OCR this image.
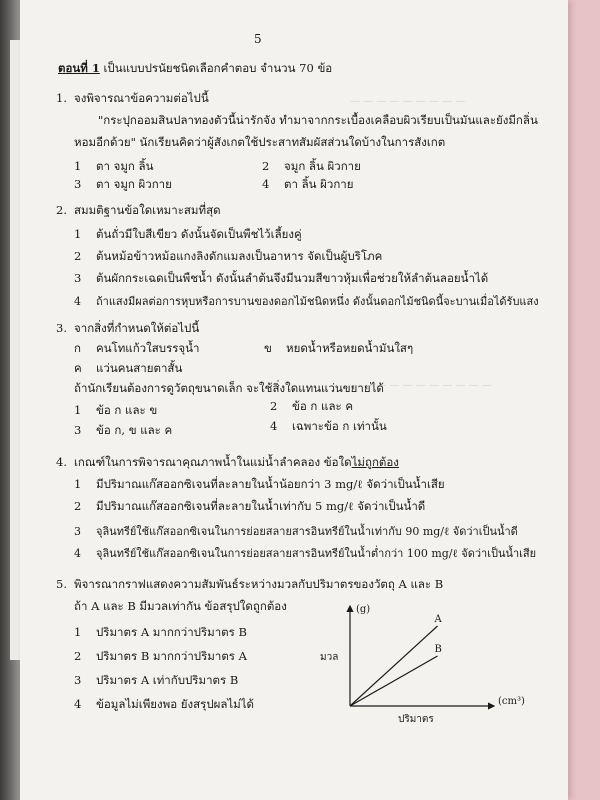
— — — — — — — — —
— — — — — — — — — — —
5
ตอนที่ 1 เป็นแบบปรนัยชนิดเลือกคำตอบ จำนวน 70 ข้อ
1. จงพิจารณาข้อความต่อไปนี้
"กระปุกออมสินปลาทองตัวนี้น่ารักจัง ทำมาจากกระเบื้องเคลือบผิวเรียบเป็นมันและยังมีกลิ่น
หอมอีกด้วย" นักเรียนคิดว่าผู้สังเกตใช้ประสาทสัมผัสส่วนใดบ้างในการสังเกต
1 ตา จมูก ลิ้น	2 จมูก ลิ้น ผิวกาย
3 ตา จมูก ผิวกาย	4 ตา ลิ้น ผิวกาย
2. สมมติฐานข้อใดเหมาะสมที่สุด
1 ต้นถั่วมีใบสีเขียว ดังนั้นจัดเป็นพืชไว้เลี้ยงคู่
2 ต้นหม้อข้าวหม้อแกงลิงดักแมลงเป็นอาหาร จัดเป็นผู้บริโภค
3 ต้นผักกระเฉดเป็นพืชน้ำ ดังนั้นลำต้นจึงมีนวมสีขาวหุ้มเพื่อช่วยให้ลำต้นลอยน้ำได้
4 ถ้าแสงมีผลต่อการหุบหรือการบานของดอกไม้ชนิดหนึ่ง ดังนั้นดอกไม้ชนิดนี้จะบานเมื่อได้รับแสง
3. จากสิ่งที่กำหนดให้ต่อไปนี้
ก คนโทแก้วใสบรรจุน้ำ	ข หยดน้ำหรือหยดน้ำมันใสๆ
ค แว่นคนสายตาสั้น
ถ้านักเรียนต้องการดูวัตถุขนาดเล็ก จะใช้สิ่งใดแทนแว่นขยายได้
1 ข้อ ก และ ข	2 ข้อ ก และ ค
3 ข้อ ก, ข และ ค	4 เฉพาะข้อ ก เท่านั้น
4. เกณฑ์ในการพิจารณาคุณภาพน้ำในแม่น้ำลำคลอง ข้อใดไม่ถูกต้อง
1 มีปริมาณแก๊สออกซิเจนที่ละลายในน้ำน้อยกว่า 3 mg/ℓ จัดว่าเป็นน้ำเสีย
2 มีปริมาณแก๊สออกซิเจนที่ละลายในน้ำเท่ากับ 5 mg/ℓ จัดว่าเป็นน้ำดี
3 จุลินทรีย์ใช้แก๊สออกซิเจนในการย่อยสลายสารอินทรีย์ในน้ำเท่ากับ 90 mg/ℓ จัดว่าเป็นน้ำดี
4 จุลินทรีย์ใช้แก๊สออกซิเจนในการย่อยสลายสารอินทรีย์ในน้ำต่ำกว่า 100 mg/ℓ จัดว่าเป็นน้ำเสีย
5. พิจารณากราฟแสดงความสัมพันธ์ระหว่างมวลกับปริมาตรของวัตถุ A และ B
ถ้า A และ B มีมวลเท่ากัน ข้อสรุปใดถูกต้อง
1 ปริมาตร A มากกว่าปริมาตร B
2 ปริมาตร B มากกว่าปริมาตร A
3 ปริมาตร A เท่ากับปริมาตร B
4 ข้อมูลไม่เพียงพอ ยังสรุปผลไม่ได้
(g)
มวล
(cm³)
ปริมาตร
A
B
